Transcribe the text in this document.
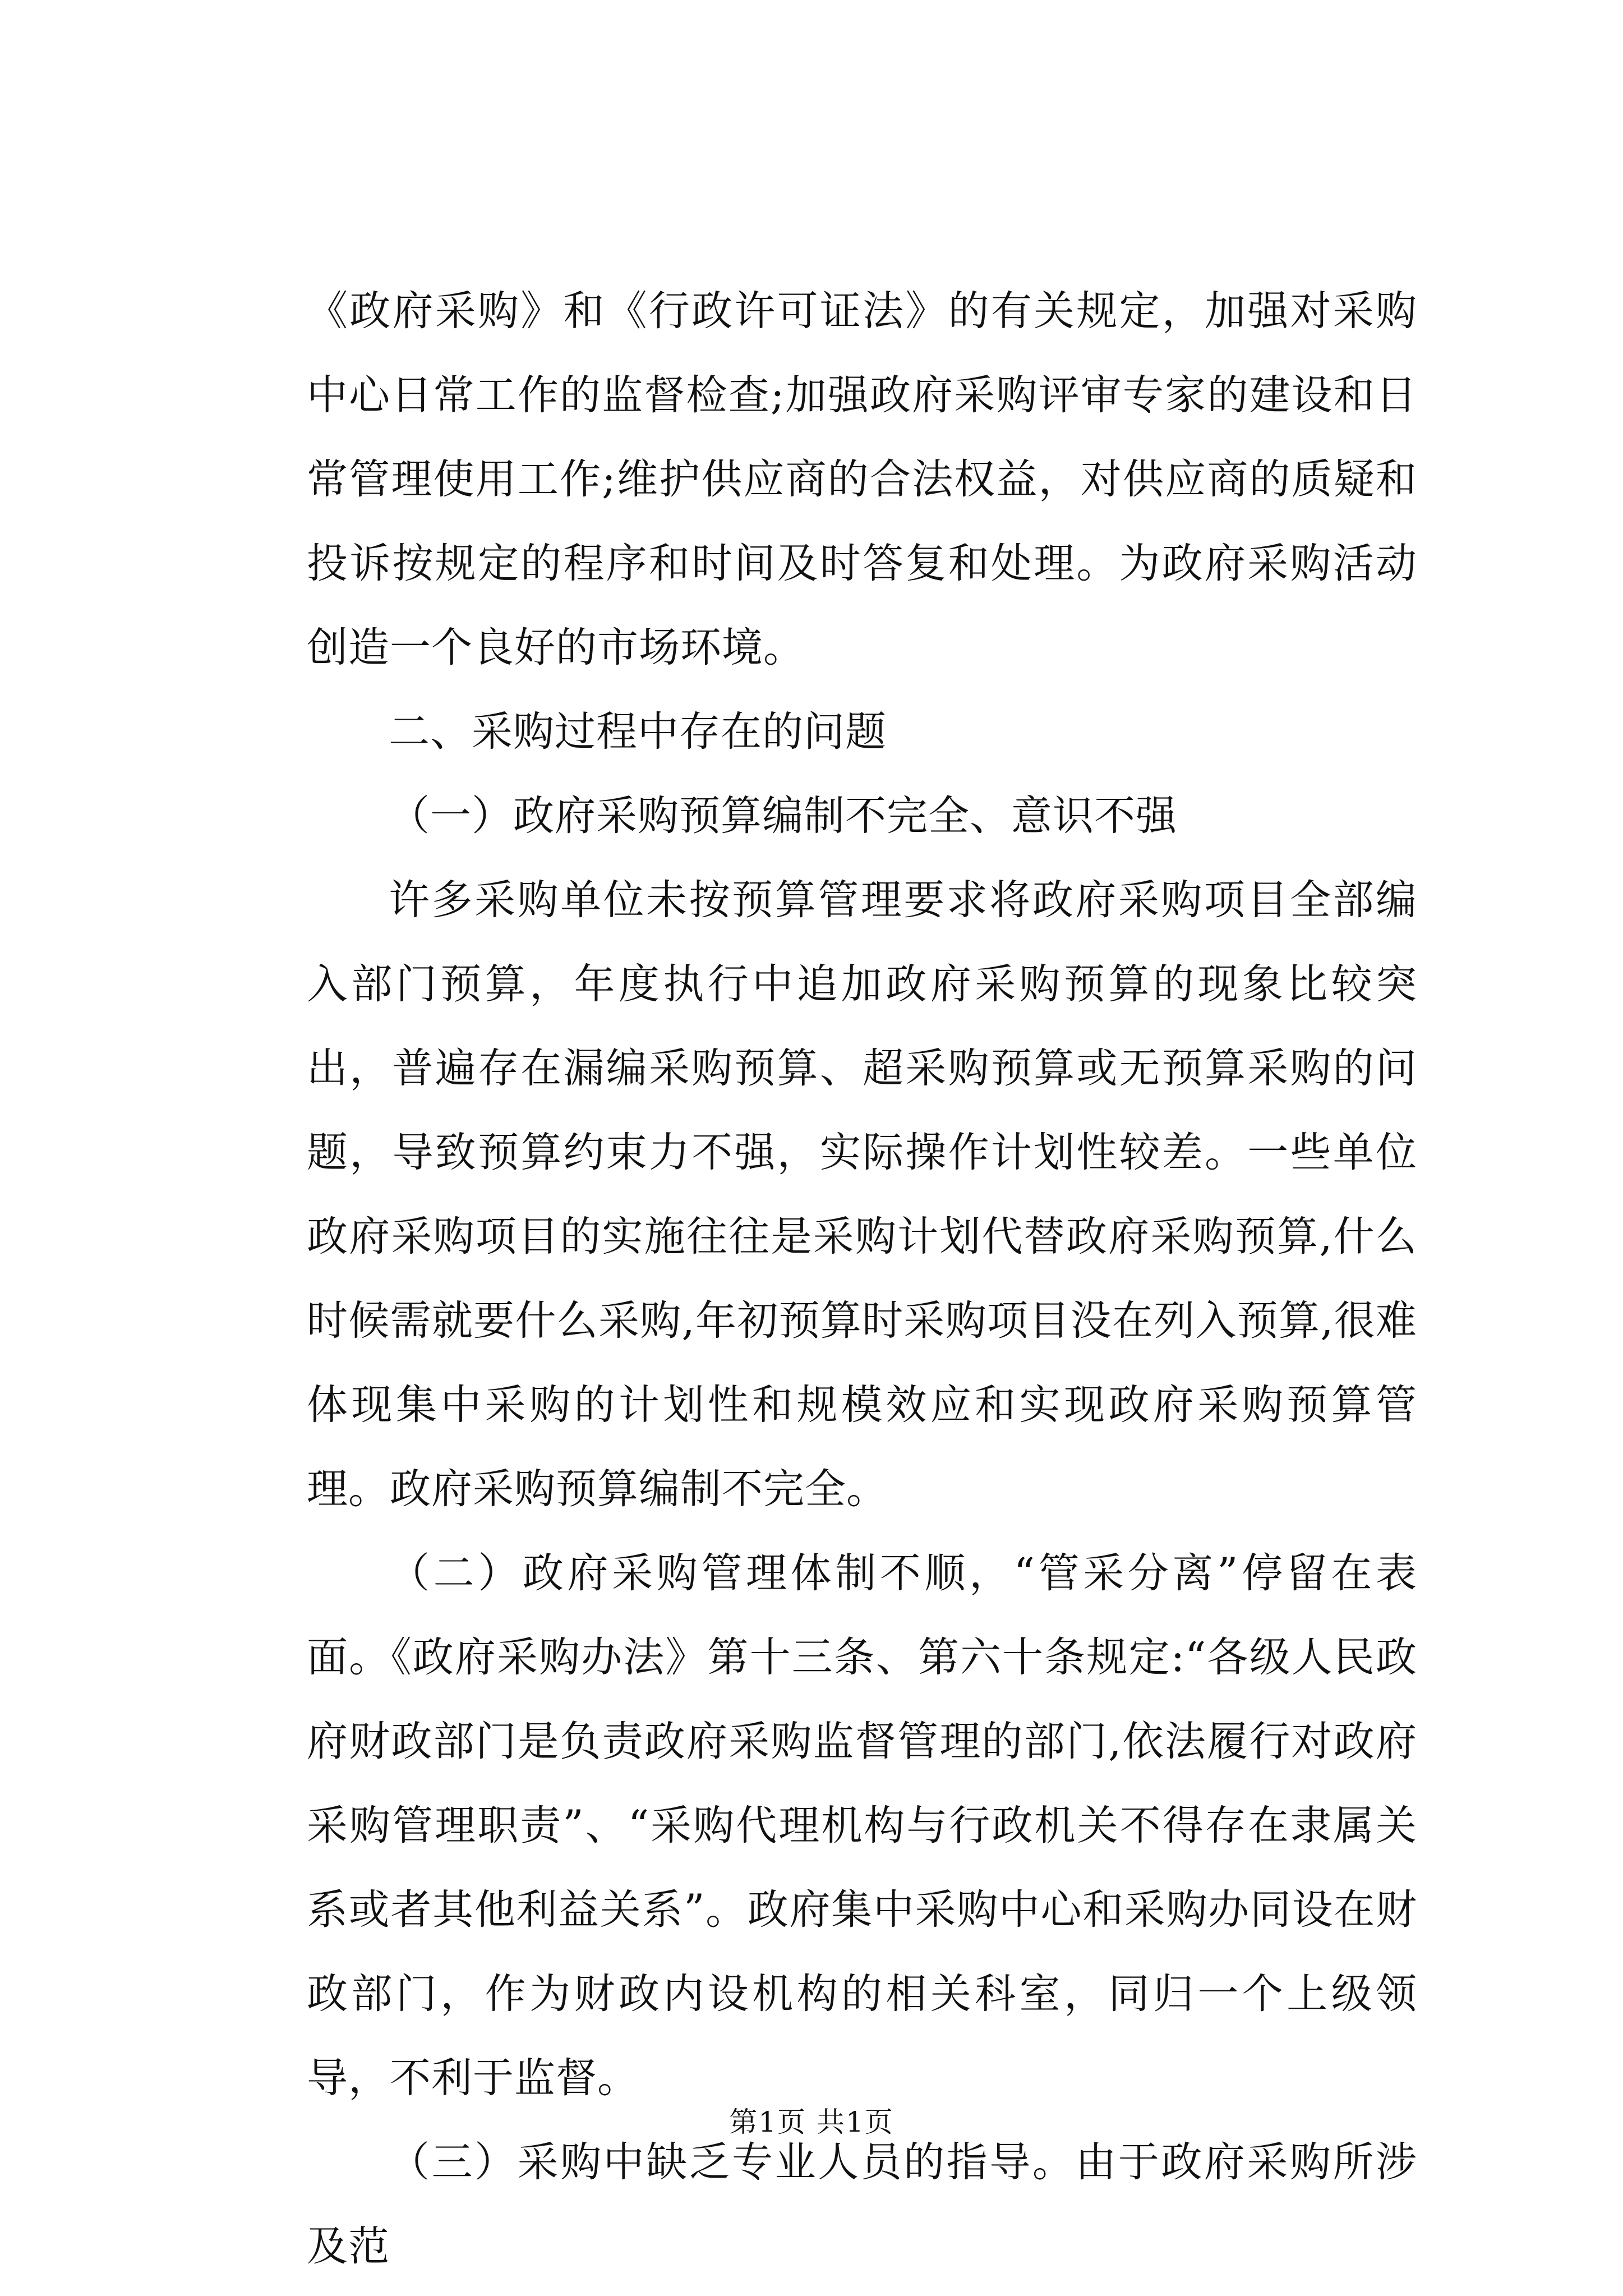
《政府采购》和《行政许可证法》的有关规定，加强对采购中心日常工作的监督检查;加强政府采购评审专家的建设和日常管理使用工作;维护供应商的合法权益，对供应商的质疑和投诉按规定的程序和时间及时答复和处理。为政府采购活动创造一个良好的市场环境。

二、采购过程中存在的问题

（一）政府采购预算编制不完全、意识不强

许多采购单位未按预算管理要求将政府采购项目全部编入部门预算，年度执行中追加政府采购预算的现象比较突出，普遍存在漏编采购预算、超采购预算或无预算采购的问题，导致预算约束力不强，实际操作计划性较差。一些单位政府采购项目的实施往往是采购计划代替政府采购预算,什么时候需就要什么采购,年初预算时采购项目没在列入预算,很难体现集中采购的计划性和规模效应和实现政府采购预算管理。政府采购预算编制不完全。

（二）政府采购管理体制不顺，“管采分离”停留在表面。《政府采购办法》第十三条、第六十条规定:“各级人民政府财政部门是负责政府采购监督管理的部门,依法履行对政府采购管理职责”、“采购代理机构与行政机关不得存在隶属关系或者其他利益关系”。政府集中采购中心和采购办同设在财政部门，作为财政内设机构的相关科室，同归一个上级领导，不利于监督。

（三）采购中缺乏专业人员的指导。由于政府采购所涉及范

第1页 共1页
